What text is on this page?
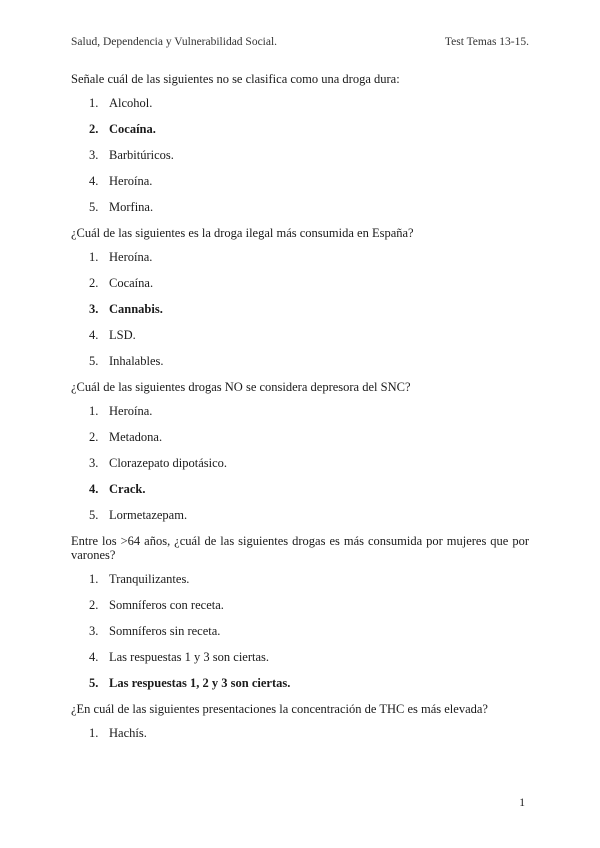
Salud, Dependencia y Vulnerabilidad Social.	Test Temas 13-15.

Señale cuál de las siguientes no se clasifica como una droga dura:

1. Alcohol.
2. Cocaína.
3. Barbitúricos.
4. Heroína.
5. Morfina.

¿Cuál de las siguientes es la droga ilegal más consumida en España?

1. Heroína.
2. Cocaína.
3. Cannabis.
4. LSD.
5. Inhalables.

¿Cuál de las siguientes drogas NO se considera depresora del SNC?

1. Heroína.
2. Metadona.
3. Clorazepato dipotásico.
4. Crack.
5. Lormetazepam.

Entre los >64 años, ¿cuál de las siguientes drogas es más consumida por mujeres que por varones?

1. Tranquilizantes.
2. Somníferos con receta.
3. Somníferos sin receta.
4. Las respuestas 1 y 3 son ciertas.
5. Las respuestas 1, 2 y 3 son ciertas.

¿En cuál de las siguientes presentaciones la concentración de THC es más elevada?

1. Hachís.
1
